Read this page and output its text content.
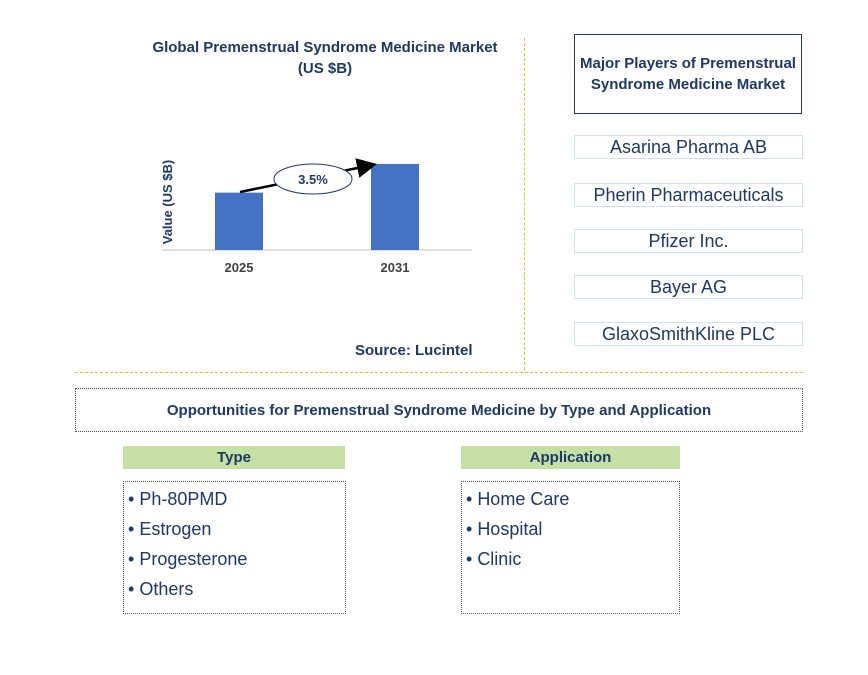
Global Premenstrual Syndrome Medicine Market (US $B)
Value (US $B)
2025	2031
3.5%
Major Players of Premenstrual Syndrome Medicine Market
Asarina Pharma AB
Pherin Pharmaceuticals
Pfizer Inc.
Bayer AG
GlaxoSmithKline PLC
Source: Lucintel
Opportunities for Premenstrual Syndrome Medicine by Type and Application
Type
• Ph-80PMD
• Estrogen
• Progesterone
• Others
Application
• Home Care
• Hospital
• Clinic
